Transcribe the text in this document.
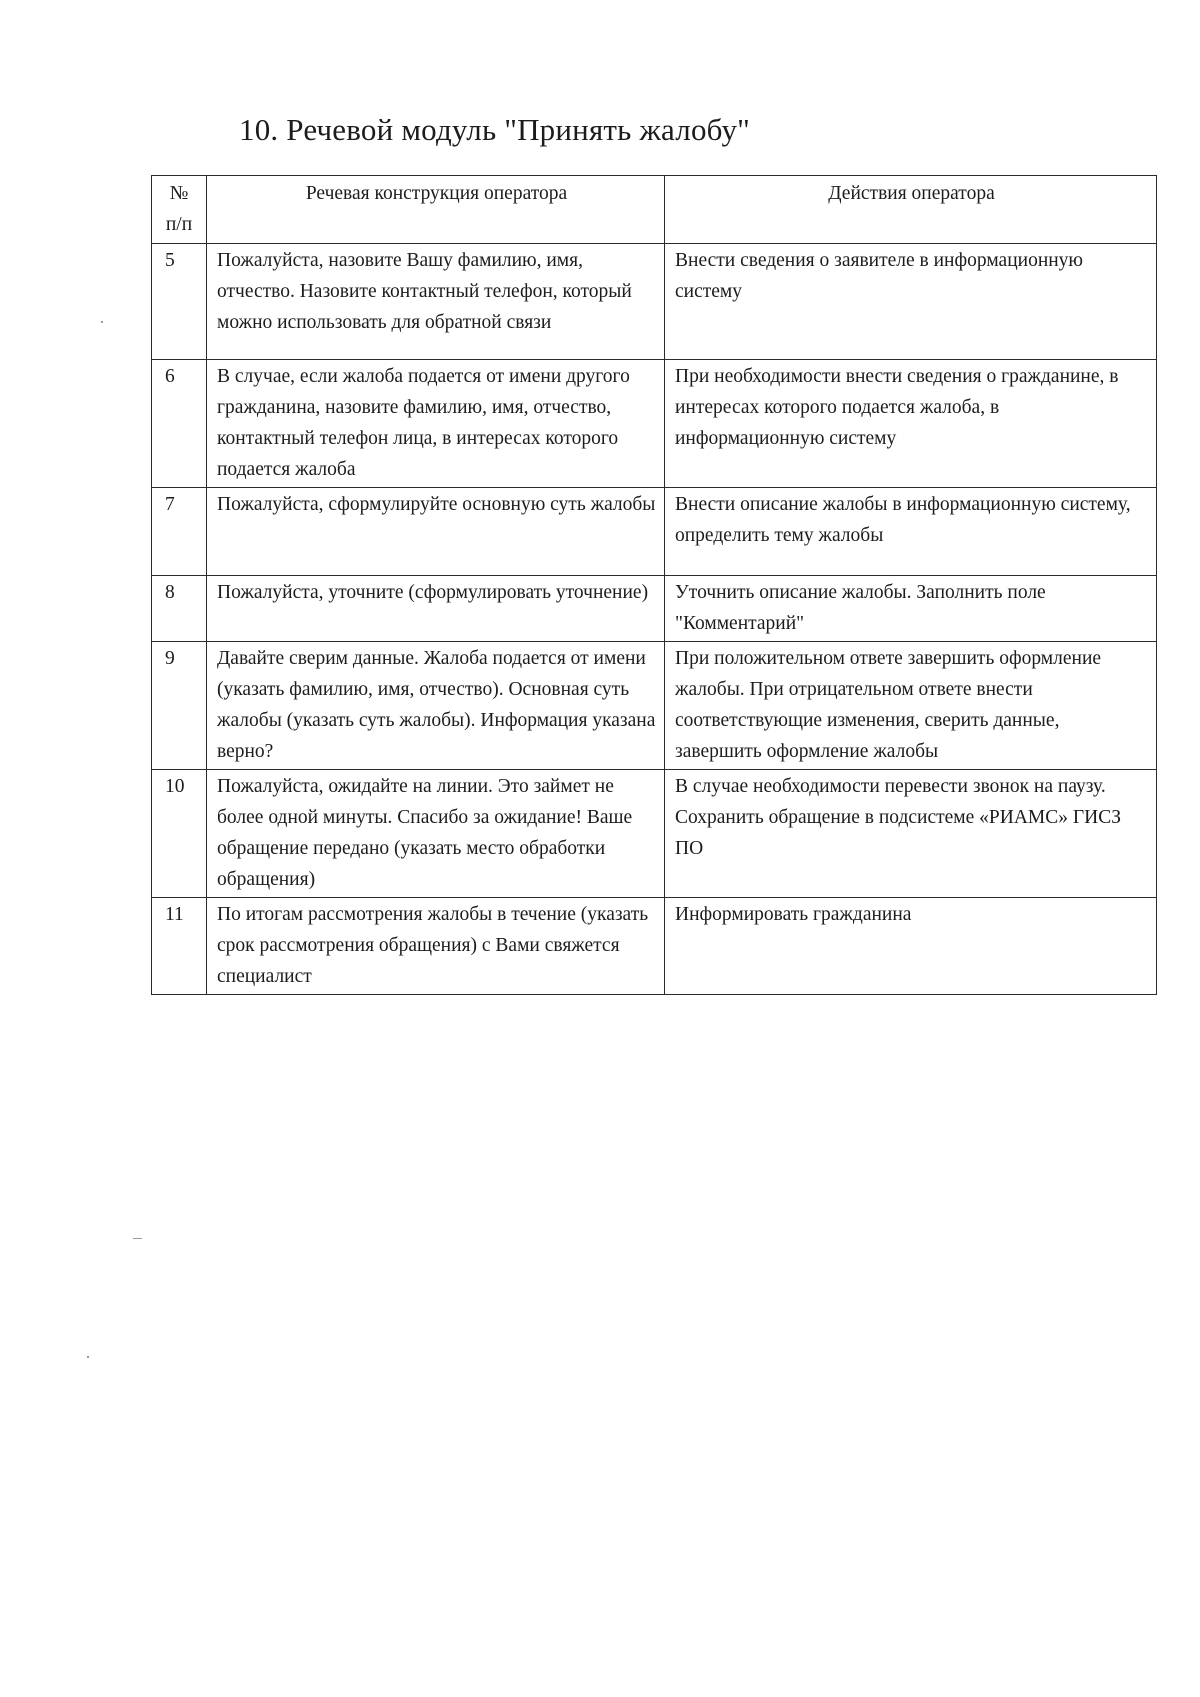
10. Речевой модуль "Принять жалобу"
№
п/п	Речевая конструкция оператора	Действия оператора
5	Пожалуйста, назовите Вашу фамилию, имя, отчество. Назовите контактный телефон, который можно использовать для обратной связи	Внести сведения о заявителе в информационную систему
6	В случае, если жалоба подается от имени другого гражданина, назовите фамилию, имя, отчество, контактный телефон лица, в интересах которого подается жалоба	При необходимости внести сведения о гражданине, в интересах которого подается жалоба, в информационную систему
7	Пожалуйста, сформулируйте основную суть жалобы	Внести описание жалобы в информационную систему, определить тему жалобы
8	Пожалуйста, уточните (сформулировать уточнение)	Уточнить описание жалобы. Заполнить поле "Комментарий"
9	Давайте сверим данные. Жалоба подается от имени (указать фамилию, имя, отчество). Основная суть жалобы (указать суть жалобы). Информация указана верно?	При положительном ответе завершить оформление жалобы. При отрицательном ответе внести соответствующие изменения, сверить данные, завершить оформление жалобы
10	Пожалуйста, ожидайте на линии. Это займет не более одной минуты. Спасибо за ожидание! Ваше обращение передано (указать место обработки обращения)	В случае необходимости перевести звонок на паузу. Сохранить обращение в подсистеме «РИАМС» ГИСЗ ПО
11	По итогам рассмотрения жалобы в течение (указать срок рассмотрения обращения) с Вами свяжется специалист	Информировать гражданина
